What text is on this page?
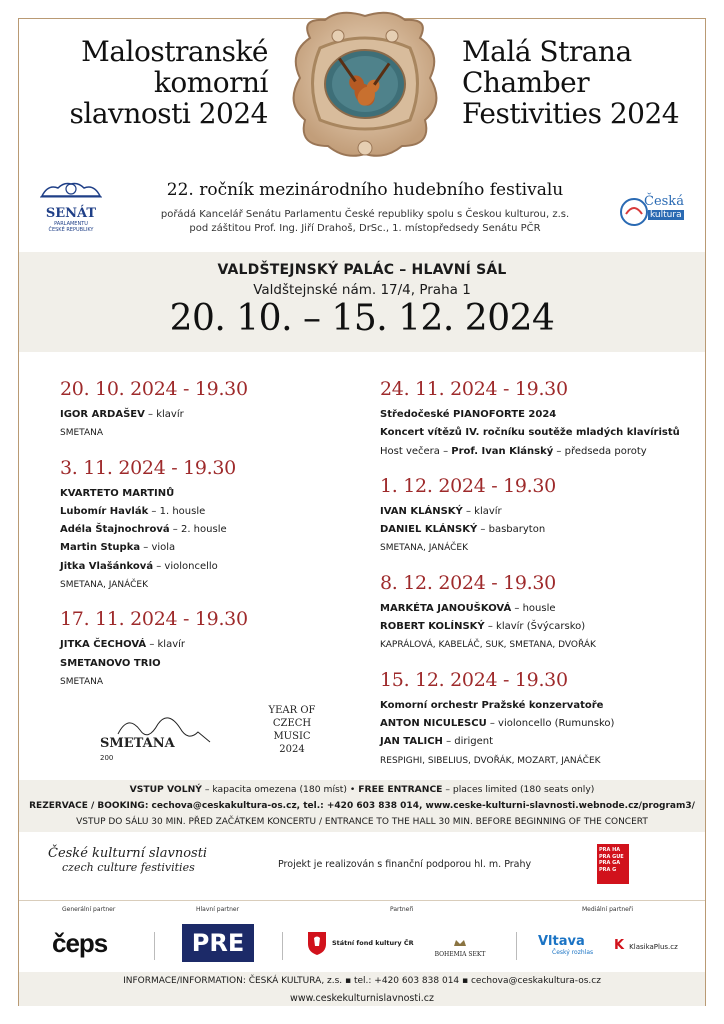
Malostranské
komorní
slavnosti 2024
Malá Strana
Chamber
Festivities 2024
SENÁT
PARLAMENTU
ČESKÉ REPUBLIKY
Česká
kultura
22. ročník mezinárodního hudebního festivalu
pořádá Kancelář Senátu Parlamentu České republiky spolu s Českou kulturou, z.s.
pod záštitou Prof. Ing. Jiří Drahoš, DrSc., 1. místopředsedy Senátu PČR
VALDŠTEJNSKÝ PALÁC – HLAVNÍ SÁL
Valdštejnské nám. 17/4, Praha 1
20. 10. – 15. 12. 2024
20. 10. 2024 - 19.30
IGOR ARDAŠEV – klavír
SMETANA
3. 11. 2024 - 19.30
KVARTETO MARTINŮ
Lubomír Havlák – 1. housle
Adéla Štajnochrová – 2. housle
Martin Stupka – viola
Jitka Vlašánková – violoncello
SMETANA, JANÁČEK
17. 11. 2024 - 19.30
JITKA ČECHOVÁ – klavír
SMETANOVO TRIO
SMETANA
24. 11. 2024 - 19.30
Středočeské PIANOFORTE 2024
Koncert vítězů IV. ročníku soutěže mladých klavíristů
Host večera – Prof. Ivan Klánský – předseda poroty
1. 12. 2024 - 19.30
IVAN KLÁNSKÝ – klavír
DANIEL KLÁNSKÝ – basbaryton
SMETANA, JANÁČEK
8. 12. 2024 - 19.30
MARKÉTA JANOUŠKOVÁ – housle
ROBERT KOLÍNSKÝ – klavír (Švýcarsko)
KAPRÁLOVÁ, KABELÁČ, SUK, SMETANA, DVOŘÁK
15. 12. 2024 - 19.30
Komorní orchestr Pražské konzervatoře
ANTON NICULESCU – violoncello (Rumunsko)
JAN TALICH – dirigent
RESPIGHI, SIBELIUS, DVOŘÁK, MOZART, JANÁČEK
SMETANA
200
YEAR OF
CZECH
MUSIC
2024
VSTUP VOLNÝ – kapacita omezena (180 míst) • FREE ENTRANCE – places limited (180 seats only)
REZERVACE / BOOKING: cechova@ceskakultura-os.cz, tel.: +420 603 838 014, www.ceske-kulturni-slavnosti.webnode.cz/program3/
VSTUP DO SÁLU 30 MIN. PŘED ZAČÁTKEM KONCERTU / ENTRANCE TO THE HALL 30 MIN. BEFORE BEGINNING OF THE CONCERT
České kulturní slavnosti
czech culture festivities	Projekt je realizován s finanční podporou hl. m. Prahy
PRA HA
PRA GUE
PRA GA
PRA G
Generální partner	Hlavní partner	Partneři	Mediální partneři
čeps	PRE	Státní fond kultury ČR
BOHEMIA SEKT
Vltava
Český rozhlas K KlasikaPlus.cz
INFORMACE/INFORMATION: ČESKÁ KULTURA, z.s. ▪ tel.: +420 603 838 014 ▪ cechova@ceskakultura-os.cz
www.ceskekulturnislavnosti.cz
